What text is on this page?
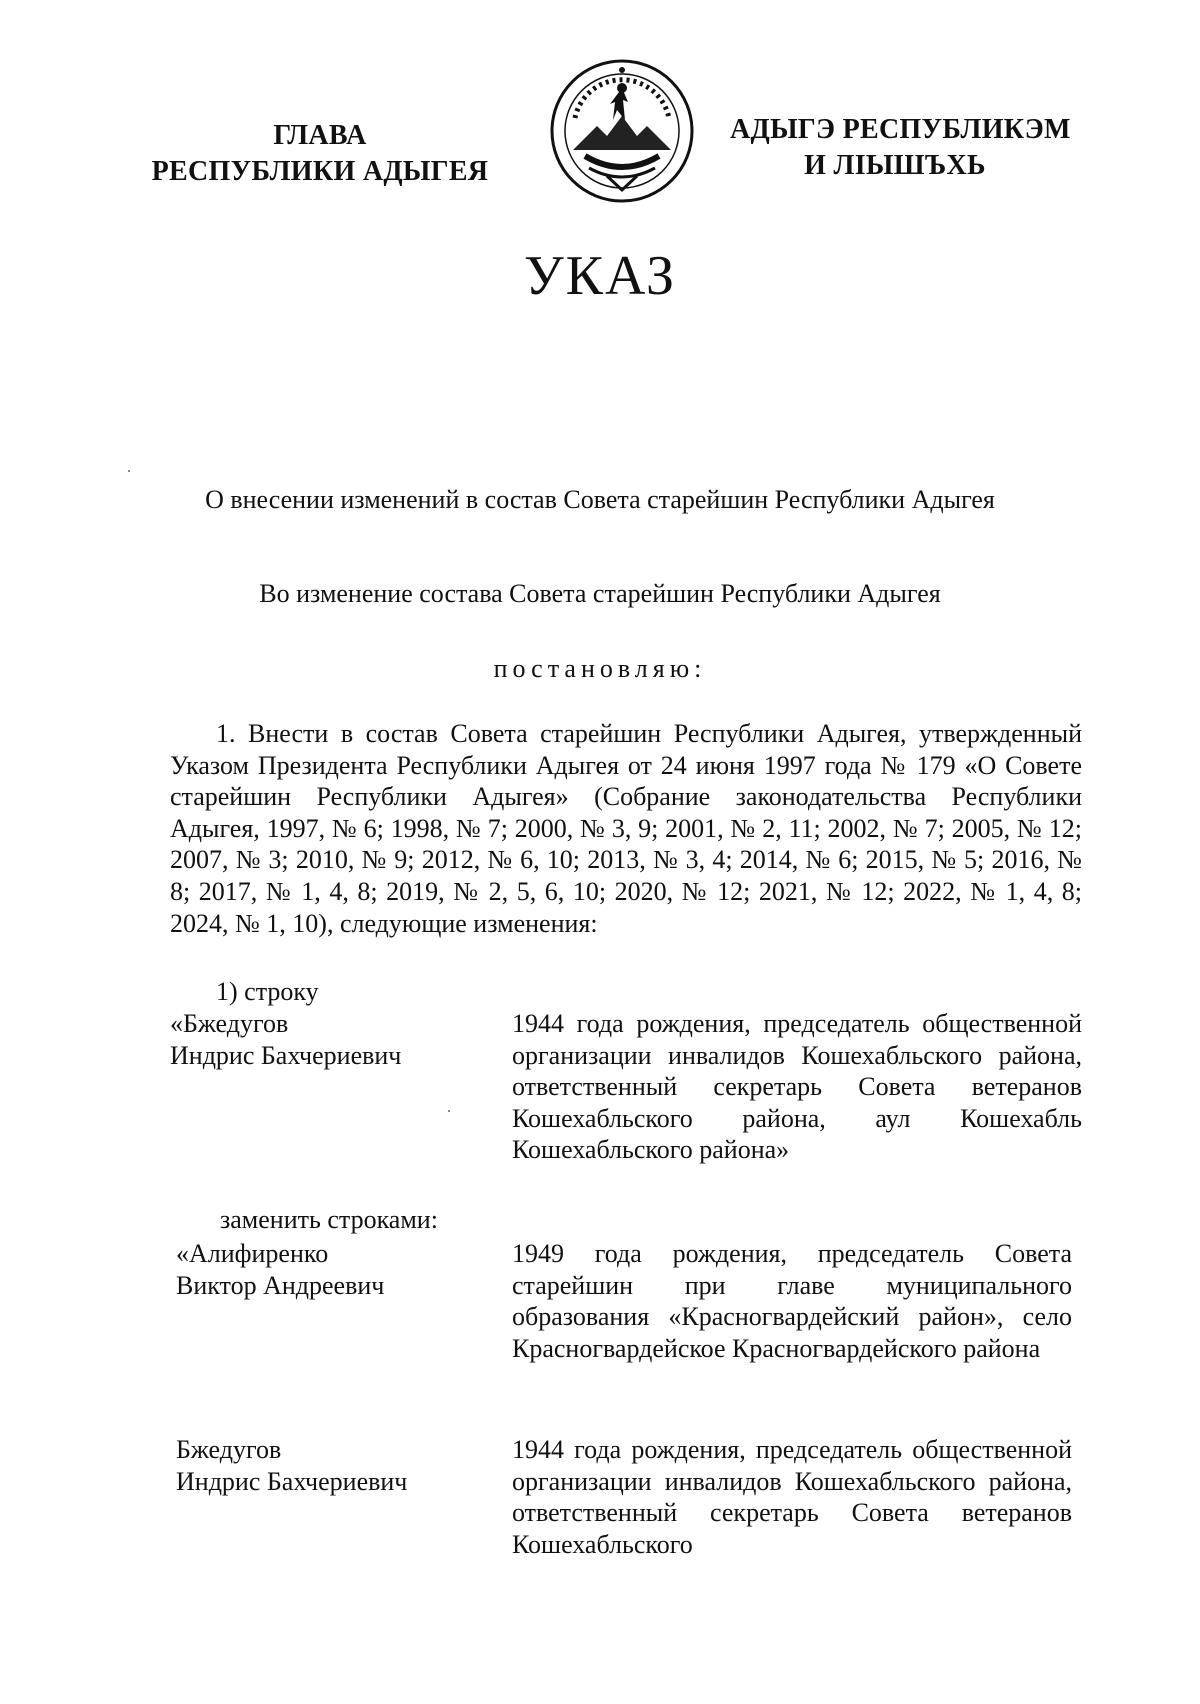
ГЛАВА
РЕСПУБЛИКИ АДЫГЕЯ
АДЫГЭ РЕСПУБЛИКЭМ
И ЛІЫШЪХЬ
УКАЗ
О внесении изменений в состав Совета старейшин Республики Адыгея
Во изменение состава Совета старейшин Республики Адыгея
постановляю:

1. Внести в состав Совета старейшин Республики Адыгея, утвержденный Указом Президента Республики Адыгея от 24 июня 1997 года № 179 «О Совете старейшин Республики Адыгея» (Собрание законодательства Республики Адыгея, 1997, № 6; 1998, № 7; 2000, № 3, 9; 2001, № 2, 11; 2002, № 7; 2005, № 12; 2007, № 3; 2010, № 9; 2012, № 6, 10; 2013, № 3, 4; 2014, № 6; 2015, № 5; 2016, № 8; 2017, № 1, 4, 8; 2019, № 2, 5, 6, 10; 2020, № 12; 2021, № 12; 2022, № 1, 4, 8; 2024, № 1, 10), следующие изменения:

1) строку
«Бжедугов
Индрис Бахчериевич

1944 года рождения, председатель общественной организации инвалидов Кошехабльского района, ответственный секретарь Совета ветеранов Кошехабльского района, аул Кошехабль Кошехабльского района»

заменить строками:
«Алифиренко
Виктор Андреевич

1949 года рождения, председатель Совета старейшин при главе муниципального образования «Красногвардейский район», село Красногвардейское Красногвардейского района

Бжедугов
Индрис Бахчериевич

1944 года рождения, председатель общественной организации инвалидов Кошехабльского района, ответственный секретарь Совета ветеранов Кошехабльского
